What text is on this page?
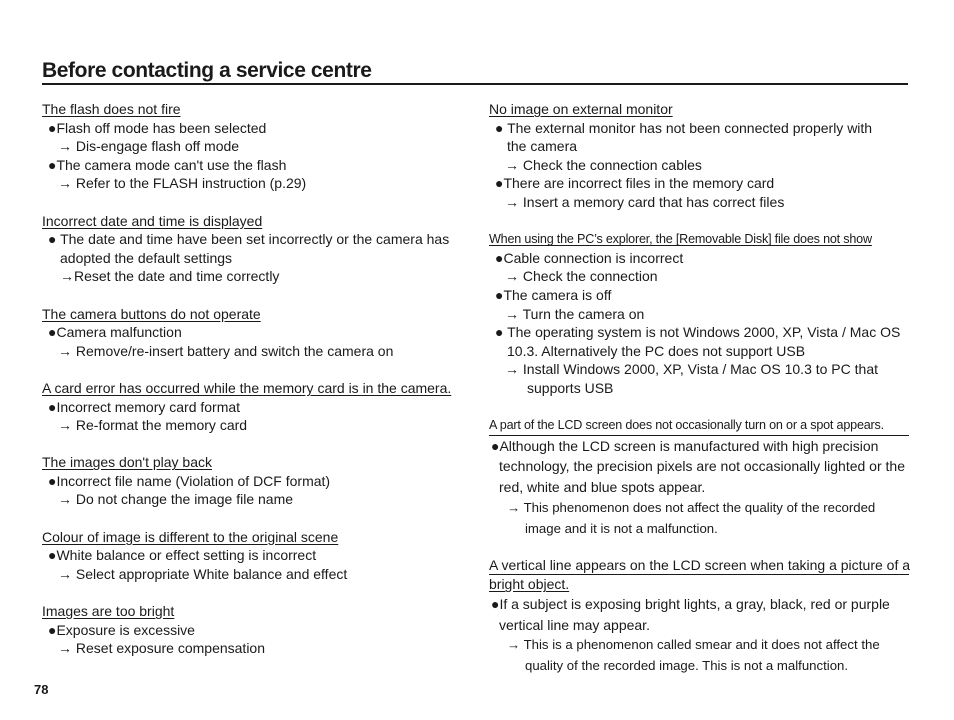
Before contacting a service centre
The flash does not fire
●Flash off mode has been selected
→ Dis-engage flash off mode
●The camera mode can't use the flash
→ Refer to the FLASH instruction (p.29)
Incorrect date and time is displayed
● The date and time have been set incorrectly or the camera has
adopted the default settings
→Reset the date and time correctly
The camera buttons do not operate
●Camera malfunction
→ Remove/re-insert battery and switch the camera on
A card error has occurred while the memory card is in the camera.
●Incorrect memory card format
→ Re-format the memory card
The images don't play back
●Incorrect file name (Violation of DCF format)
→ Do not change the image file name
Colour of image is different to the original scene
●White balance or effect setting is incorrect
→ Select appropriate White balance and effect
Images are too bright
●Exposure is excessive
→ Reset exposure compensation
No image on external monitor
● The external monitor has not been connected properly with
the camera
→ Check the connection cables
●There are incorrect files in the memory card
→ Insert a memory card that has correct files
When using the PC’s explorer, the [Removable Disk] file does not show
●Cable connection is incorrect
→ Check the connection
●The camera is off
→ Turn the camera on
● The operating system is not Windows 2000, XP, Vista / Mac OS
10.3. Alternatively the PC does not support USB
→ Install Windows 2000, XP, Vista / Mac OS 10.3 to PC that
supports USB
A part of the LCD screen does not occasionally turn on or a spot appears.
●Although the LCD screen is manufactured with high precision
technology, the precision pixels are not occasionally lighted or the
red, white and blue spots appear.
→ This phenomenon does not affect the quality of the recorded
image and it is not a malfunction.
A vertical line appears on the LCD screen when taking a picture of a
bright object.
●If a subject is exposing bright lights, a gray, black, red or purple
vertical line may appear.
→ This is a phenomenon called smear and it does not affect the
quality of the recorded image. This is not a malfunction.
78
